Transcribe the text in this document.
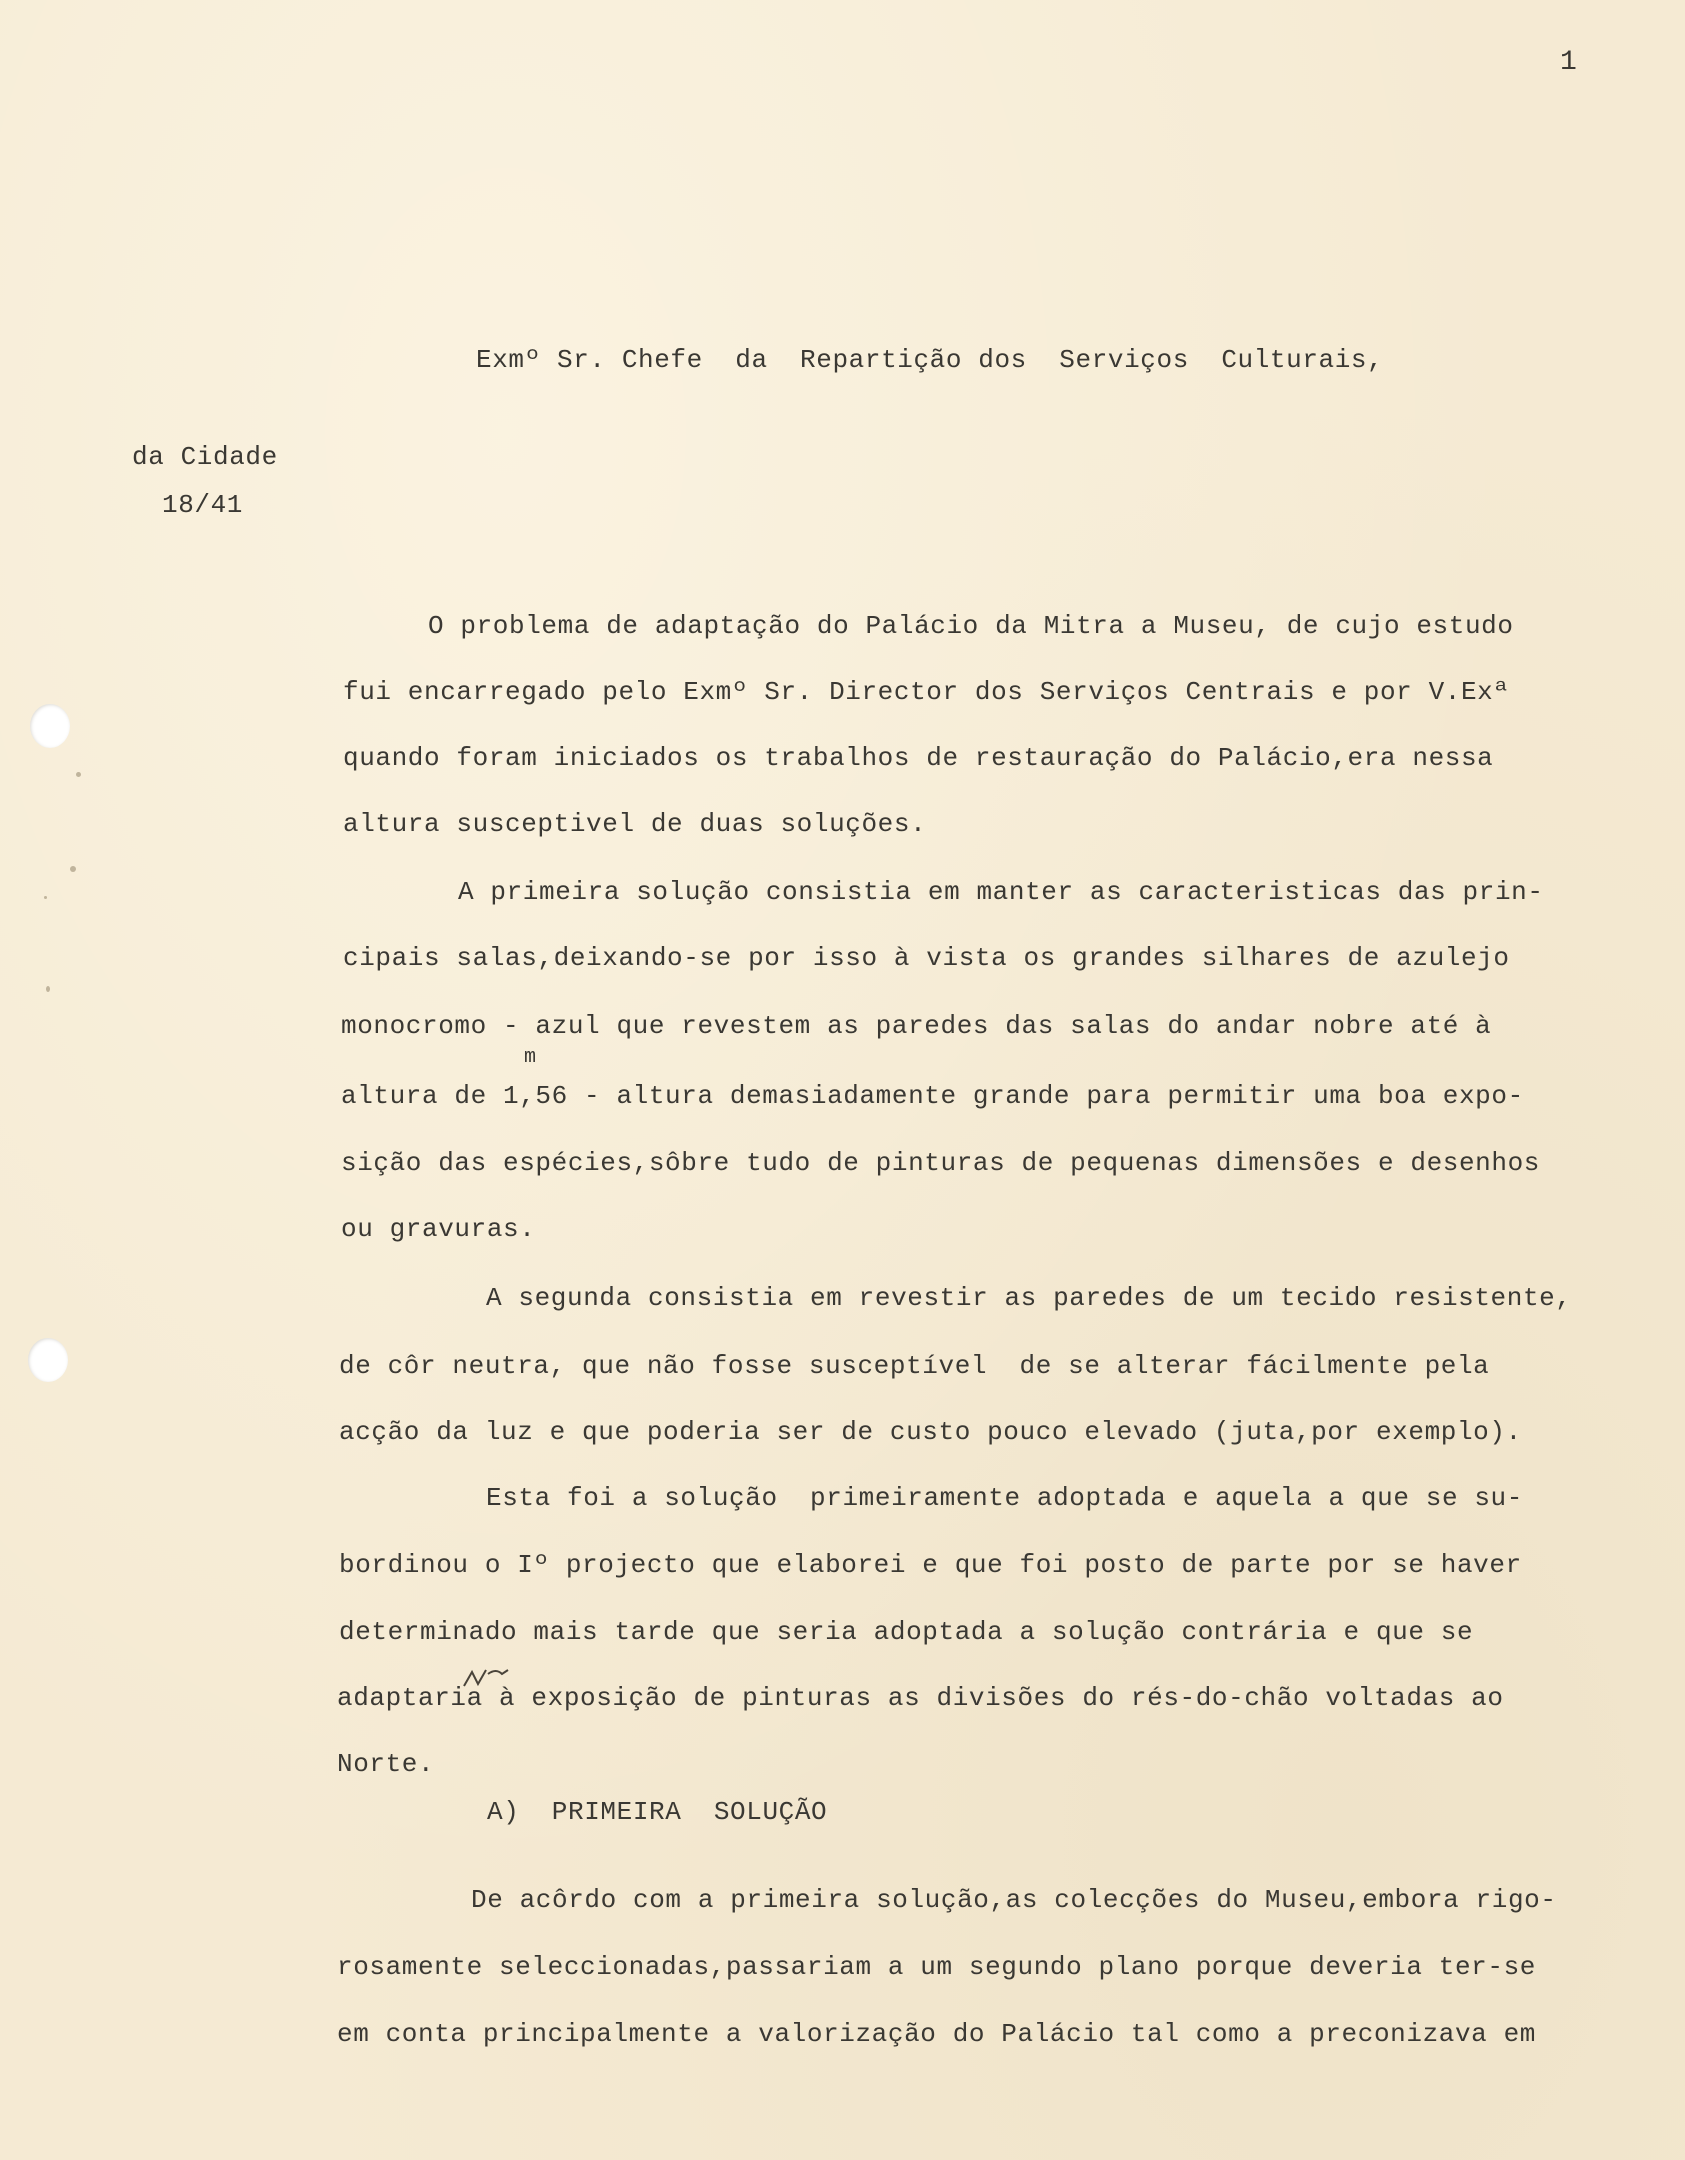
1
Exmº Sr. Chefe  da  Repartição dos  Serviços  Culturais,
da Cidade
18/41
O problema de adaptação do Palácio da Mitra a Museu, de cujo estudo
fui encarregado pelo Exmº Sr. Director dos Serviços Centrais e por V.Exª
quando foram iniciados os trabalhos de restauração do Palácio,era nessa
altura susceptivel de duas soluções.
A primeira solução consistia em manter as caracteristicas das prin-
cipais salas,deixando-se por isso à vista os grandes silhares de azulejo
monocromo - azul que revestem as paredes das salas do andar nobre até à
m
altura de 1,56 - altura demasiadamente grande para permitir uma boa expo-
sição das espécies,sôbre tudo de pinturas de pequenas dimensões e desenhos
ou gravuras.
A segunda consistia em revestir as paredes de um tecido resistente,
de côr neutra, que não fosse susceptível  de se alterar fácilmente pela
acção da luz e que poderia ser de custo pouco elevado (juta,por exemplo).
Esta foi a solução  primeiramente adoptada e aquela a que se su-
bordinou o Iº projecto que elaborei e que foi posto de parte por se haver
determinado mais tarde que seria adoptada a solução contrária e que se
adaptaria à exposição de pinturas as divisões do rés-do-chão voltadas ao
Norte.
A)  PRIMEIRA  SOLUÇÃO
De acôrdo com a primeira solução,as colecções do Museu,embora rigo-
rosamente seleccionadas,passariam a um segundo plano porque deveria ter-se
em conta principalmente a valorização do Palácio tal como a preconizava em
